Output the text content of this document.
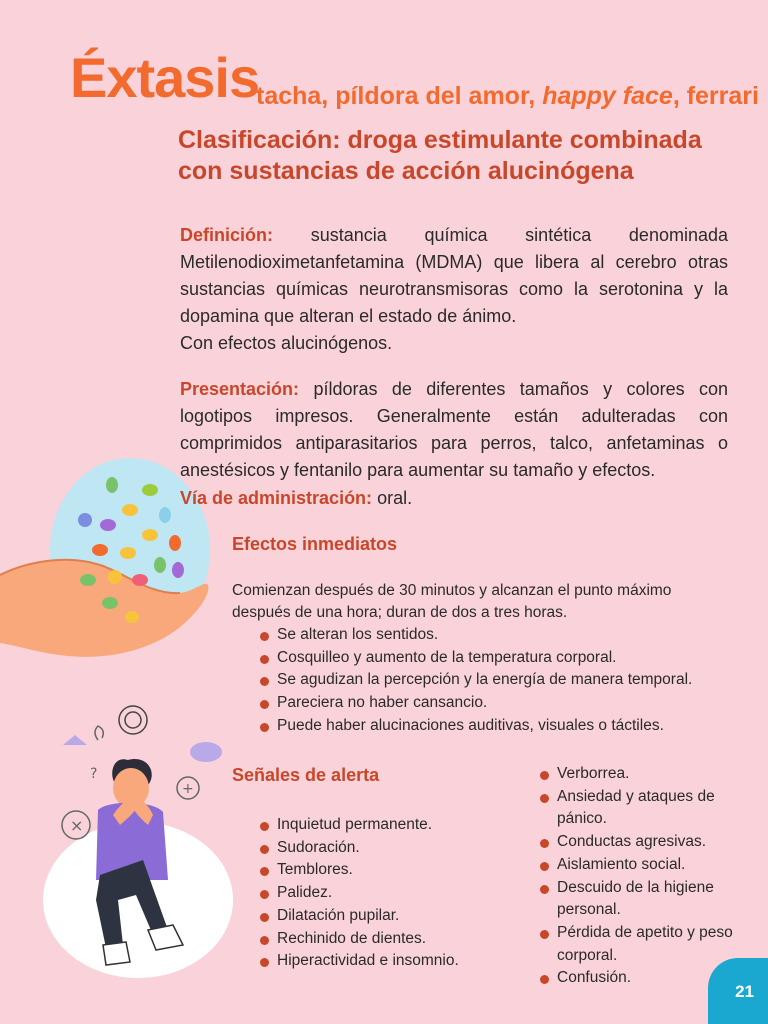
×
+
?
Éxtasis
tacha, píldora del amor, happy face, ferrari
Clasificación: droga estimulante combinada con sustancias de acción alucinógena
Definición: sustancia química sintética denominada Metilenodioximetanfetamina (MDMA) que libera al cerebro otras sustancias químicas neurotransmisoras como la serotonina y la dopamina que alteran el estado de ánimo.
Con efectos alucinógenos.
Presentación: píldoras de diferentes tamaños y colores con logotipos impresos. Generalmente están adulteradas con comprimidos antiparasitarios para perros, talco, anfetaminas o anestésicos y fentanilo para aumentar su tamaño y efectos.
Vía de administración: oral.
Efectos inmediatos
Comienzan después de 30 minutos y alcanzan el punto máximo después de una hora; duran de dos a tres horas.
Se alteran los sentidos.
Cosquilleo y aumento de la temperatura corporal.
Se agudizan la percepción y la energía de manera temporal.
Pareciera no haber cansancio.
Puede haber alucinaciones auditivas, visuales o táctiles.
Señales de alerta
Inquietud permanente.
Sudoración.
Temblores.
Palidez.
Dilatación pupilar.
Rechinido de dientes.
Hiperactividad e insomnio.
Verborrea.
Ansiedad y ataques de pánico.
Conductas agresivas.
Aislamiento social.
Descuido de la higiene personal.
Pérdida de apetito y peso corporal.
Confusión.
21
